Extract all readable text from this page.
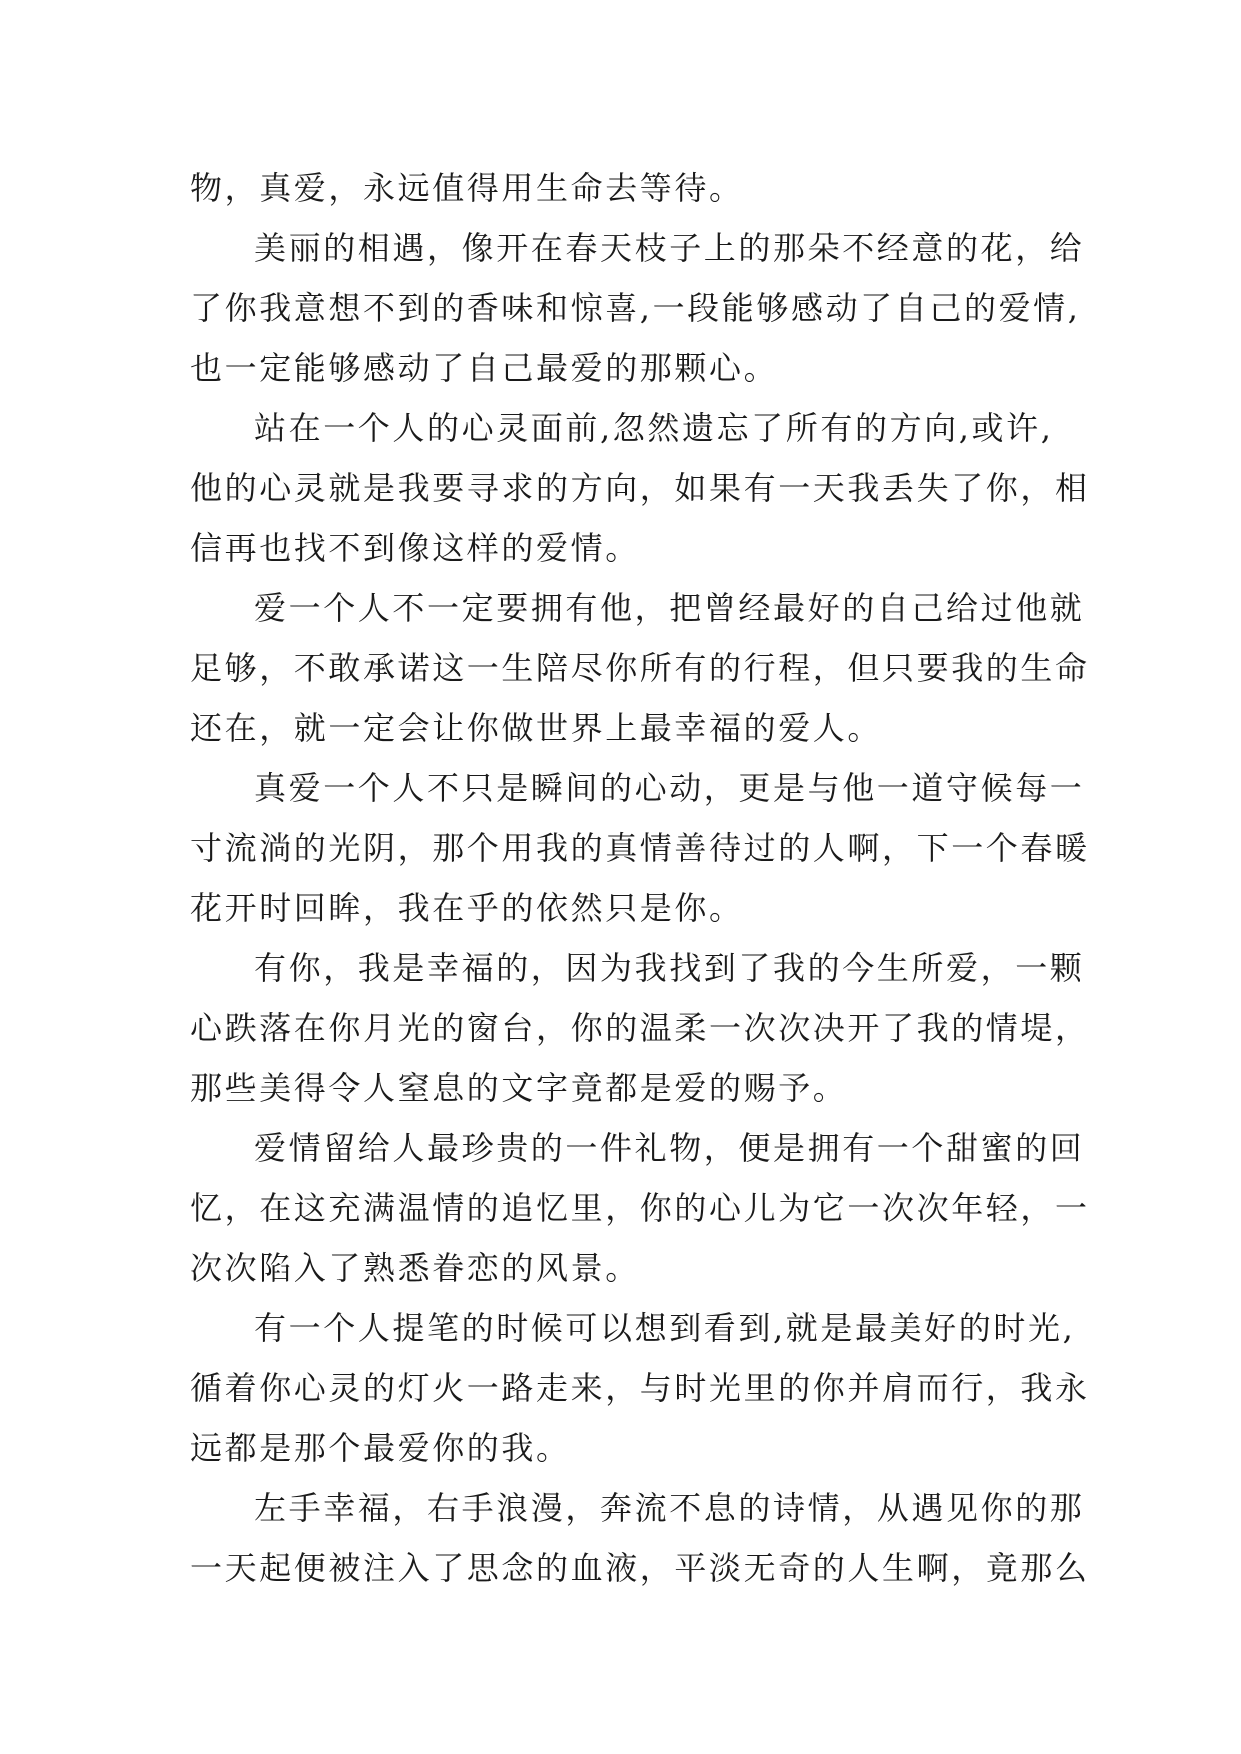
物，真爱，永远值得用生命去等待。
美丽的相遇，像开在春天枝子上的那朵不经意的花，给
了你我意想不到的香味和惊喜,一段能够感动了自己的爱情,
也一定能够感动了自己最爱的那颗心。
站在一个人的心灵面前,忽然遗忘了所有的方向,或许,
他的心灵就是我要寻求的方向，如果有一天我丢失了你，相
信再也找不到像这样的爱情。
爱一个人不一定要拥有他，把曾经最好的自己给过他就
足够，不敢承诺这一生陪尽你所有的行程，但只要我的生命
还在，就一定会让你做世界上最幸福的爱人。
真爱一个人不只是瞬间的心动，更是与他一道守候每一
寸流淌的光阴，那个用我的真情善待过的人啊，下一个春暖
花开时回眸，我在乎的依然只是你。
有你，我是幸福的，因为我找到了我的今生所爱，一颗
心跌落在你月光的窗台，你的温柔一次次决开了我的情堤，
那些美得令人窒息的文字竟都是爱的赐予。
爱情留给人最珍贵的一件礼物，便是拥有一个甜蜜的回
忆，在这充满温情的追忆里，你的心儿为它一次次年轻，一
次次陷入了熟悉眷恋的风景。
有一个人提笔的时候可以想到看到,就是最美好的时光,
循着你心灵的灯火一路走来，与时光里的你并肩而行，我永
远都是那个最爱你的我。
左手幸福，右手浪漫，奔流不息的诗情，从遇见你的那
一天起便被注入了思念的血液，平淡无奇的人生啊，竟那么
